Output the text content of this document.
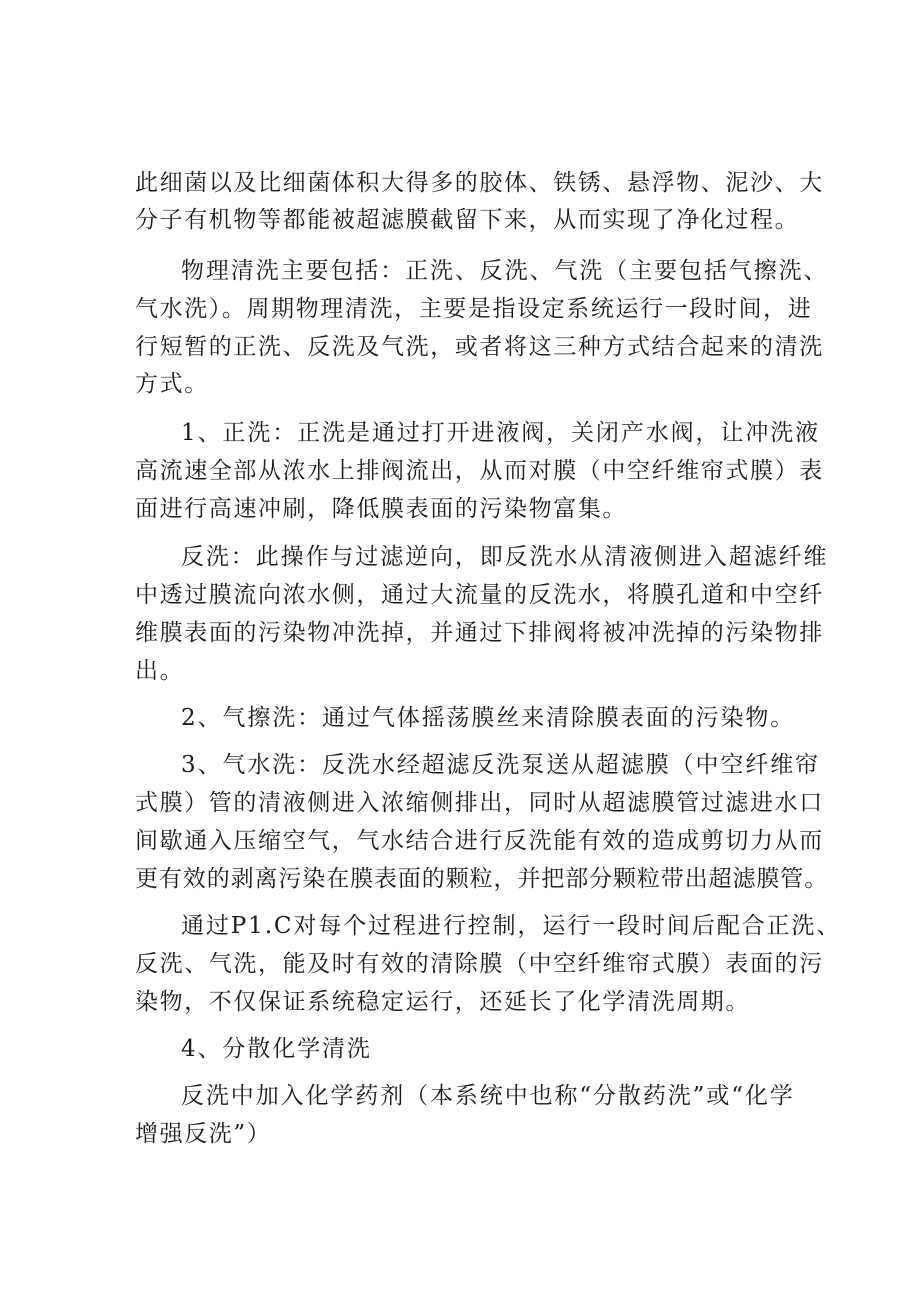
此细菌以及比细菌体积大得多的胶体、铁锈、悬浮物、泥沙、大
分子有机物等都能被超滤膜截留下来，从而实现了净化过程。
物理清洗主要包括：正洗、反洗、气洗（主要包括气擦洗、
气水洗）。周期物理清洗，主要是指设定系统运行一段时间，进
行短暂的正洗、反洗及气洗，或者将这三种方式结合起来的清洗
方式。
1、正洗：正洗是通过打开进液阀，关闭产水阀，让冲洗液
高流速全部从浓水上排阀流出，从而对膜（中空纤维帘式膜）表
面进行高速冲刷，降低膜表面的污染物富集。
反洗：此操作与过滤逆向，即反洗水从清液侧进入超滤纤维
中透过膜流向浓水侧，通过大流量的反洗水，将膜孔道和中空纤
维膜表面的污染物冲洗掉，并通过下排阀将被冲洗掉的污染物排
出。
2、气擦洗：通过气体摇荡膜丝来清除膜表面的污染物。
3、气水洗：反洗水经超滤反洗泵送从超滤膜（中空纤维帘
式膜）管的清液侧进入浓缩侧排出，同时从超滤膜管过滤进水口
间歇通入压缩空气，气水结合进行反洗能有效的造成剪切力从而
更有效的剥离污染在膜表面的颗粒，并把部分颗粒带出超滤膜管。
通过P1.C对每个过程进行控制，运行一段时间后配合正洗、
反洗、气洗，能及时有效的清除膜（中空纤维帘式膜）表面的污
染物，不仅保证系统稳定运行，还延长了化学清洗周期。
4、分散化学清洗
反洗中加入化学药剂（本系统中也称“分散药洗”或“化学
增强反洗”）
